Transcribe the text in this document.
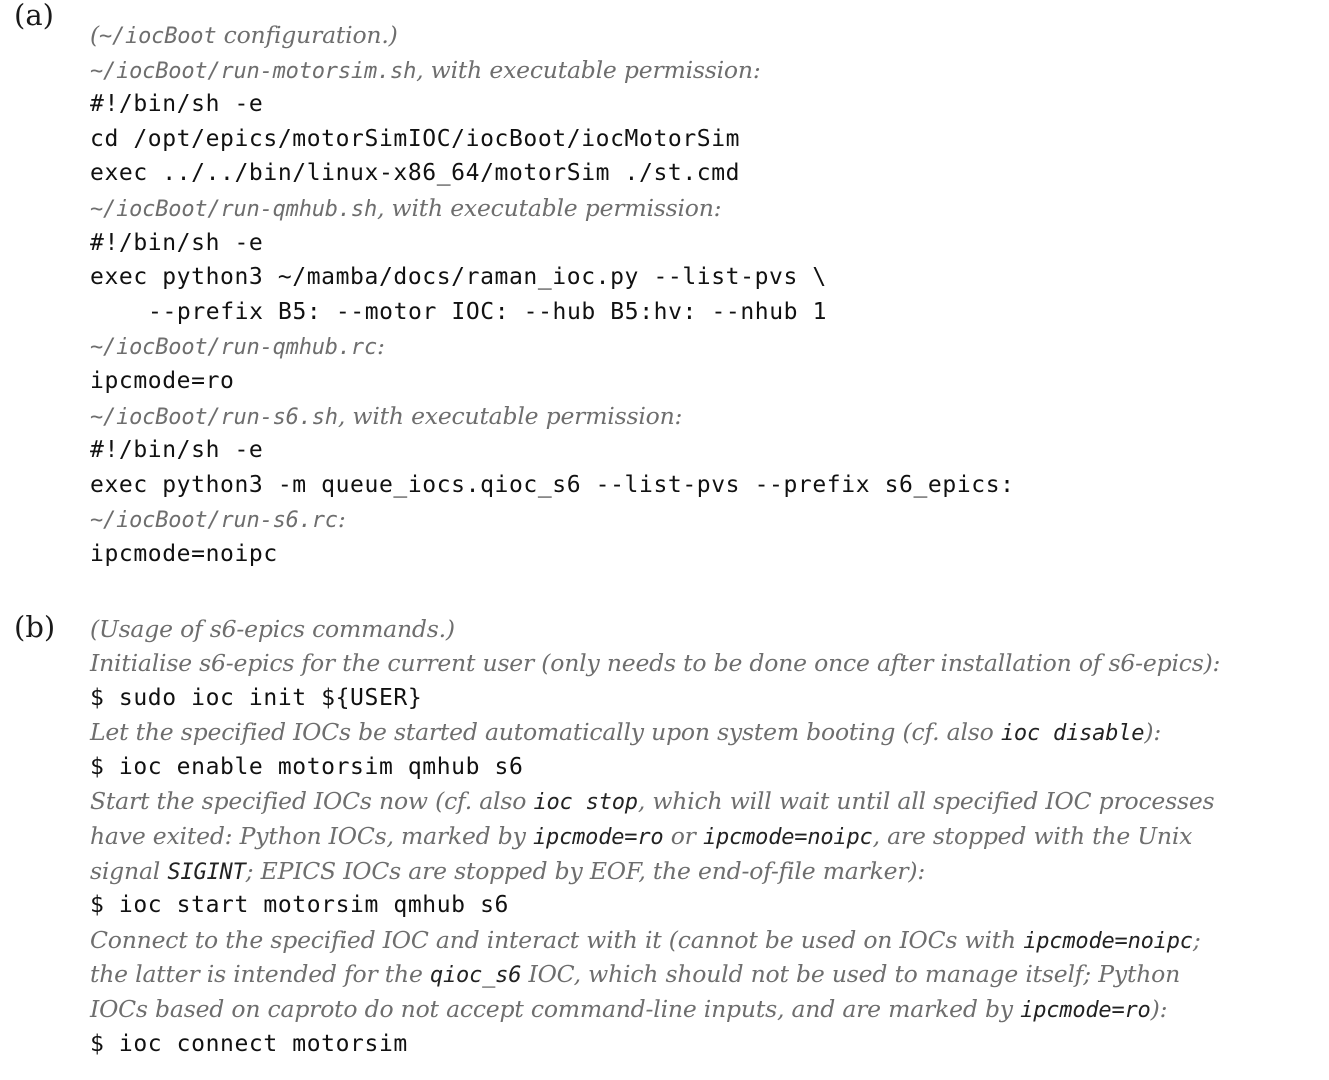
(a)
(~/iocBoot configuration.)
~/iocBoot/run-motorsim.sh, with executable permission:
#!/bin/sh -e
cd /opt/epics/motorSimIOC/iocBoot/iocMotorSim
exec ../../bin/linux-x86_64/motorSim ./st.cmd
~/iocBoot/run-qmhub.sh, with executable permission:
#!/bin/sh -e
exec python3 ~/mamba/docs/raman_ioc.py --list-pvs \
--prefix B5: --motor IOC: --hub B5:hv: --nhub 1
~/iocBoot/run-qmhub.rc:
ipcmode=ro
~/iocBoot/run-s6.sh, with executable permission:
#!/bin/sh -e
exec python3 -m queue_iocs.qioc_s6 --list-pvs --prefix s6_epics:
~/iocBoot/run-s6.rc:
ipcmode=noipc
(b) (Usage of s6-epics commands.)
Initialise s6-epics for the current user (only needs to be done once after installation of s6-epics):
$ sudo ioc init ${USER}
Let the specified IOCs be started automatically upon system booting (cf. also ioc disable):
$ ioc enable motorsim qmhub s6
Start the specified IOCs now (cf. also ioc stop, which will wait until all specified IOC processes
have exited: Python IOCs, marked by ipcmode=ro or ipcmode=noipc, are stopped with the Unix
signal SIGINT; EPICS IOCs are stopped by EOF, the end-of-file marker):
$ ioc start motorsim qmhub s6
Connect to the specified IOC and interact with it (cannot be used on IOCs with ipcmode=noipc;
the latter is intended for the qioc_s6 IOC, which should not be used to manage itself; Python
IOCs based on caproto do not accept command-line inputs, and are marked by ipcmode=ro):
$ ioc connect motorsim
